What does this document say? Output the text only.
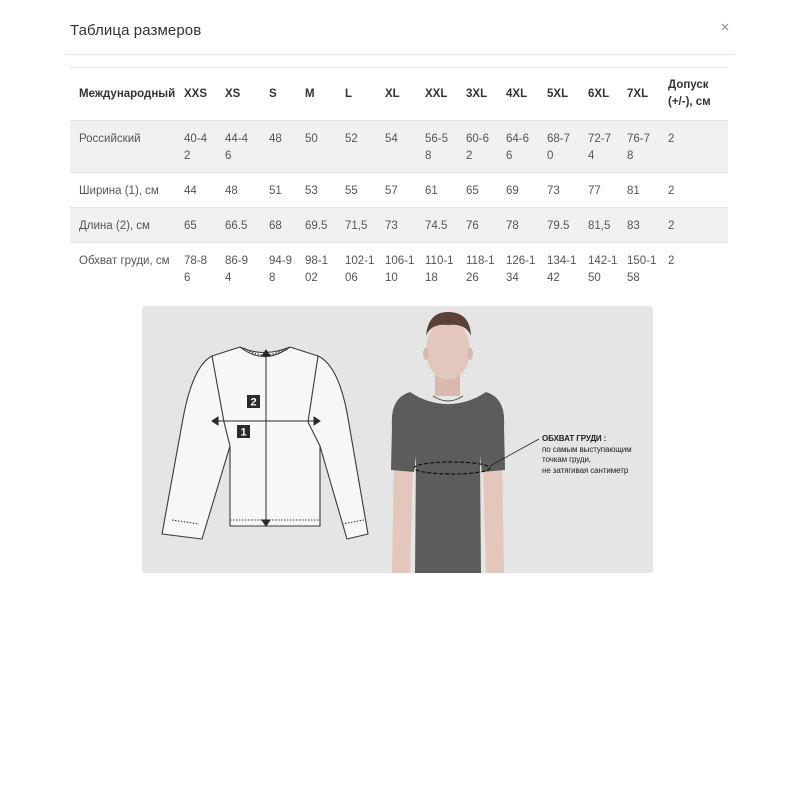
Таблица размеров	×
Международный	XXS	XS	S	M	L	XL	XXL	3XL	4XL	5XL	6XL	7XL	Допуск (+/-), см

Российский	40-42	44-46	48	50	52	54	56-58	60-62	64-66	68-70	72-74	76-78	2
Ширина (1), см	44	48	51	53	55	57	61	65	69	73	77	81	2
Длина (2), см	65	66.5	68	69.5	71,5	73	74.5	76	78	79.5	81,5	83	2
Обхват груди, см	78-86	86-94	94-98	98-102	102-106	106-110	110-118	118-126	126-134	134-142	142-150	150-158	2
2
1	ОБХВАТ ГРУДИ :
по самым выступающим
точкам груди,
не затягивая сантиметр
